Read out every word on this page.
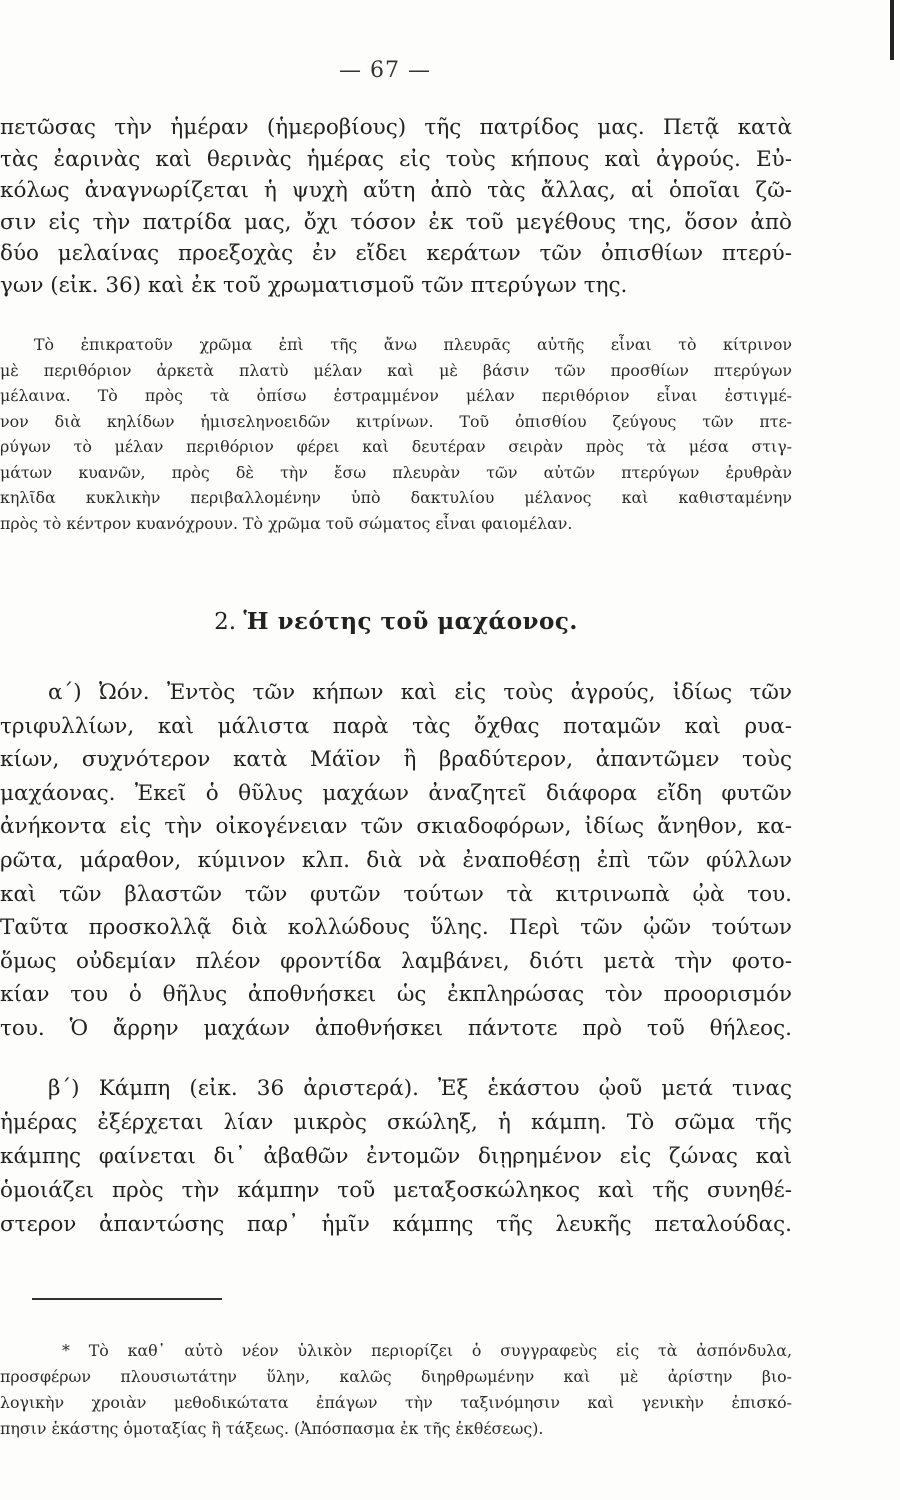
— 67 —
πετῶσας τὴν ἡμέραν (ἡμεροβίους) τῆς πατρίδος μας. Πετᾷ κατὰ
τὰς ἐαρινὰς καὶ θερινὰς ἡμέρας εἰς τοὺς κήπους καὶ ἀγρούς. Εὐ-
κόλως ἀναγνωρίζεται ἡ ψυχὴ αὕτη ἀπὸ τὰς ἄλλας, αἱ ὁποῖαι ζῶ-
σιν εἰς τὴν πατρίδα μας, ὄχι τόσον ἐκ τοῦ μεγέθους της, ὅσον ἀπὸ
δύο μελαίνας προεξοχὰς ἐν εἴδει κεράτων τῶν ὀπισθίων πτερύ-
γων (εἰκ. 36) καὶ ἐκ τοῦ χρωματισμοῦ τῶν πτερύγων της.
Τὸ ἐπικρατοῦν χρῶμα ἐπὶ τῆς ἄνω πλευρᾶς αὐτῆς εἶναι τὸ κίτρινον
μὲ περιθόριον ἀρκετὰ πλατὺ μέλαν καὶ μὲ βάσιν τῶν προσθίων πτερύγων
μέλαινα. Τὸ πρὸς τὰ ὀπίσω ἐστραμμένον μέλαν περιθόριον εἶναι ἐστιγμέ-
νον διὰ κηλίδων ἡμισεληνοειδῶν κιτρίνων. Τοῦ ὀπισθίου ζεύγους τῶν πτε-
ρύγων τὸ μέλαν περιθόριον φέρει καὶ δευτέραν σειρὰν πρὸς τὰ μέσα στιγ-
μάτων κυανῶν, πρὸς δὲ τὴν ἔσω πλευρὰν τῶν αὐτῶν πτερύγων ἐρυθρὰν
κηλῖδα κυκλικὴν περιβαλλομένην ὑπὸ δακτυλίου μέλανος καὶ καθισταμένην
πρὸς τὸ κέντρον κυανόχρουν. Τὸ χρῶμα τοῦ σώματος εἶναι φαιομέλαν.
2. Ἡ νεότης τοῦ μαχάονος.
α΄) Ὠόν. Ἐντὸς τῶν κήπων καὶ εἰς τοὺς ἀγρούς, ἰδίως τῶν
τριφυλλίων, καὶ μάλιστα παρὰ τὰς ὄχθας ποταμῶν καὶ ρυα-
κίων, συχνότερον κατὰ Μάϊον ἢ βραδύτερον, ἀπαντῶμεν τοὺς
μαχάονας. Ἐκεῖ ὁ θῦλυς μαχάων ἀναζητεῖ διάφορα εἴδη φυτῶν
ἀνήκοντα εἰς τὴν οἰκογένειαν τῶν σκιαδοφόρων, ἰδίως ἄνηθον, κα-
ρῶτα, μάραθον, κύμινον κλπ. διὰ νὰ ἐναποθέσῃ ἐπὶ τῶν φύλλων
καὶ τῶν βλαστῶν τῶν φυτῶν τούτων τὰ κιτρινωπὰ ᾠὰ του.
Ταῦτα προσκολλᾷ διὰ κολλώδους ὕλης. Περὶ τῶν ᾠῶν τούτων
ὅμως οὐδεμίαν πλέον φροντίδα λαμβάνει, διότι μετὰ τὴν φοτο-
κίαν του ὁ θῆλυς ἀποθνήσκει ὡς ἐκπληρώσας τὸν προορισμόν
του. Ὁ ἄρρην μαχάων ἀποθνήσκει πάντοτε πρὸ τοῦ θήλεος.
β΄) Κάμπη (εἰκ. 36 ἀριστερά). Ἐξ ἑκάστου ᾠοῦ μετά τινας
ἡμέρας ἐξέρχεται λίαν μικρὸς σκώληξ, ἡ κάμπη. Τὸ σῶμα τῆς
κάμπης φαίνεται δι᾿ ἀβαθῶν ἐντομῶν διῃρημένον εἰς ζώνας καὶ
ὁμοιάζει πρὸς τὴν κάμπην τοῦ μεταξοσκώληκος καὶ τῆς συνηθέ-
στερον ἀπαντώσης παρ᾿ ἡμῖν κάμπης τῆς λευκῆς πεταλούδας.
* Τὸ καθ᾿ αὐτὸ νέον ὑλικὸν περιορίζει ὁ συγγραφεὺς εἰς τὰ ἀσπόνδυλα,
προσφέρων πλουσιωτάτην ὕλην, καλῶς διηρθρωμένην καὶ μὲ ἀρίστην βιο-
λογικὴν χροιὰν μεθοδικώτατα ἐπάγων τὴν ταξινόμησιν καὶ γενικὴν ἐπισκό-
πησιν ἑκάστης ὁμοταξίας ἢ τάξεως. (Ἀπόσπασμα ἐκ τῆς ἐκθέσεως).
